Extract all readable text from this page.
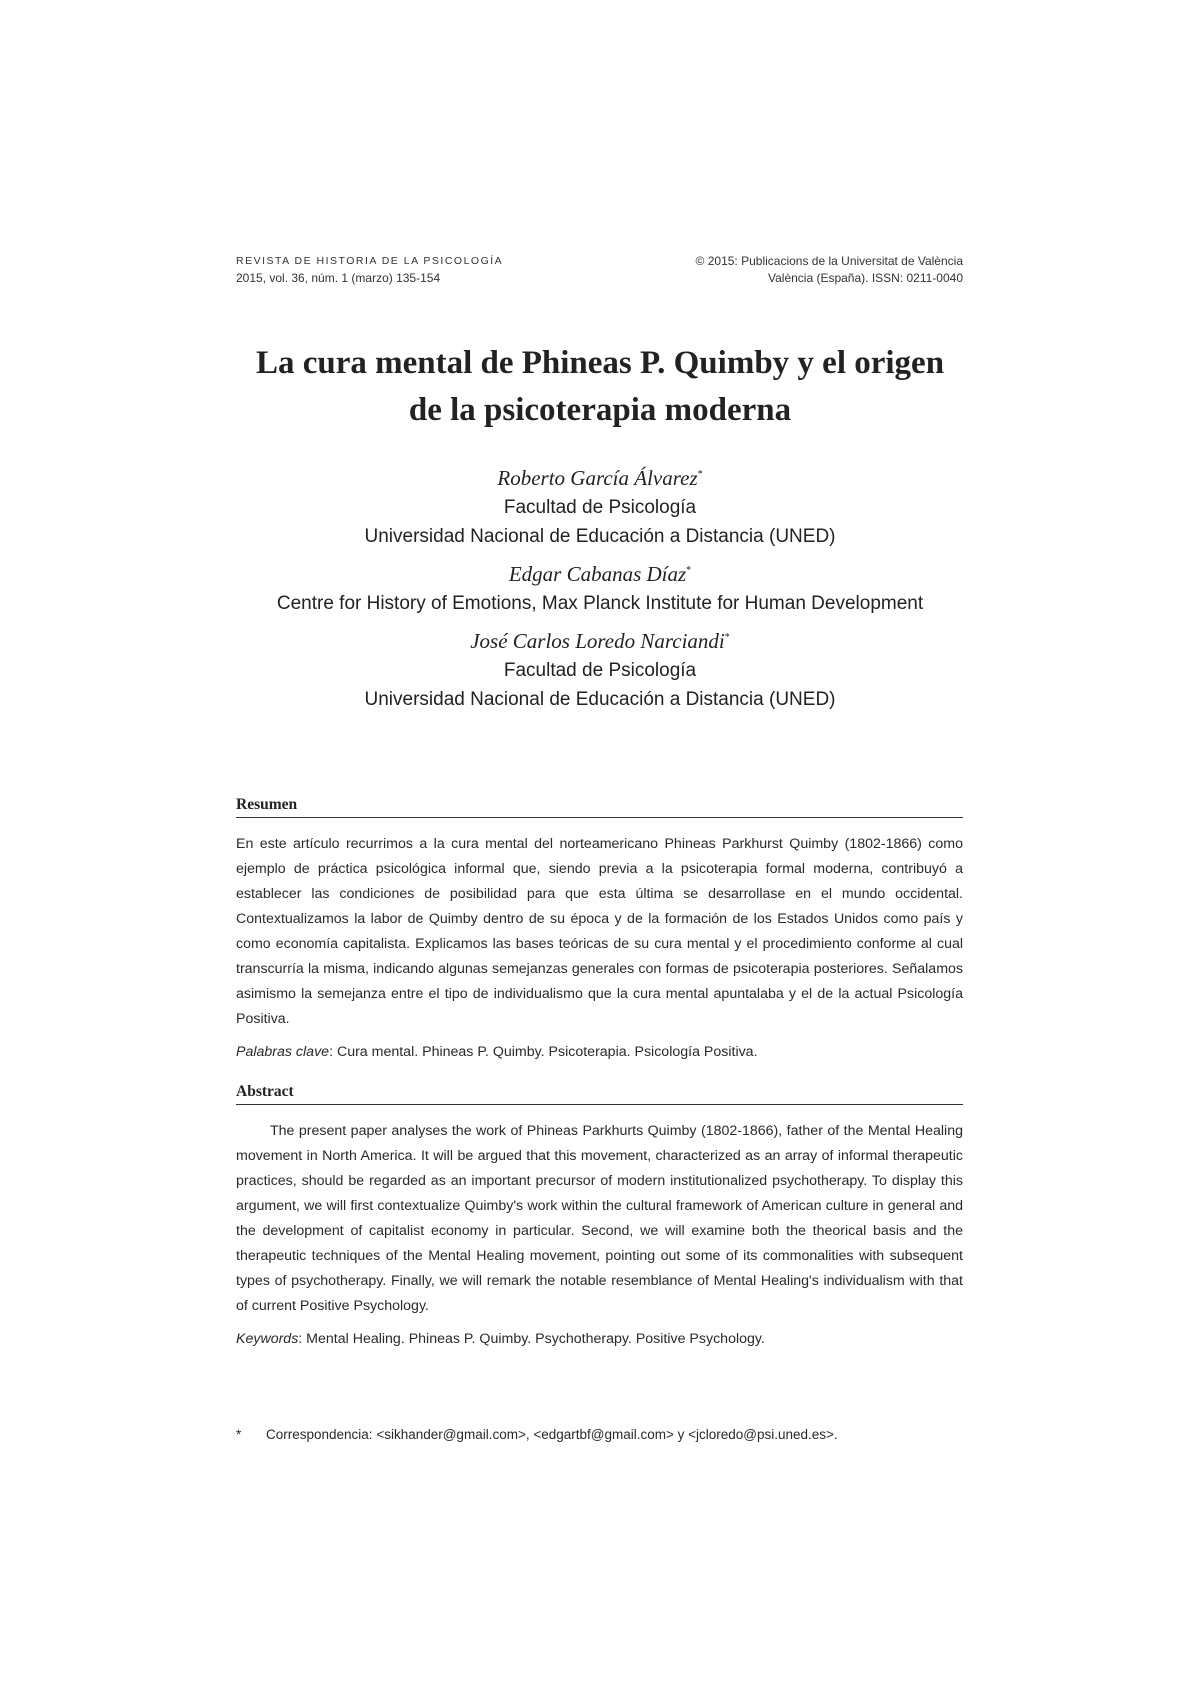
REVISTA DE HISTORIA DE LA PSICOLOGÍA
2015, vol. 36, núm. 1 (marzo) 135-154
© 2015: Publicacions de la Universitat de València
València (España). ISSN: 0211-0040
La cura mental de Phineas P. Quimby y el origen
de la psicoterapia moderna
Roberto García Álvarez*
Facultad de Psicología
Universidad Nacional de Educación a Distancia (UNED)
Edgar Cabanas Díaz*
Centre for History of Emotions, Max Planck Institute for Human Development
José Carlos Loredo Narciandi*
Facultad de Psicología
Universidad Nacional de Educación a Distancia (UNED)
Resumen
En este artículo recurrimos a la cura mental del norteamericano Phineas Parkhurst Quimby (1802-1866) como ejemplo de práctica psicológica informal que, siendo previa a la psicoterapia formal moderna, contribuyó a establecer las condiciones de posibilidad para que esta última se desarrollase en el mundo occidental. Contextualizamos la labor de Quimby dentro de su época y de la formación de los Estados Unidos como país y como economía capitalista. Explicamos las bases teóricas de su cura mental y el procedimiento conforme al cual transcurría la misma, indicando algunas semejanzas generales con formas de psicoterapia posteriores. Señalamos asimismo la semejanza entre el tipo de individualismo que la cura mental apuntalaba y el de la actual Psicología Positiva.
Palabras clave: Cura mental. Phineas P. Quimby. Psicoterapia. Psicología Positiva.
Abstract
The present paper analyses the work of Phineas Parkhurts Quimby (1802-1866), father of the Mental Healing movement in North America. It will be argued that this movement, characterized as an array of informal therapeutic practices, should be regarded as an important precursor of modern institutionalized psychotherapy. To display this argument, we will first contextualize Quimby's work within the cultural framework of American culture in general and the development of capitalist economy in particular. Second, we will examine both the theorical basis and the therapeutic techniques of the Mental Healing movement, pointing out some of its commonalities with subsequent types of psychotherapy. Finally, we will remark the notable resemblance of Mental Healing's individualism with that of current Positive Psychology.
Keywords: Mental Healing. Phineas P. Quimby. Psychotherapy. Positive Psychology.
* Correspondencia: <sikhander@gmail.com>, <edgartbf@gmail.com> y <jcloredo@psi.uned.es>.
